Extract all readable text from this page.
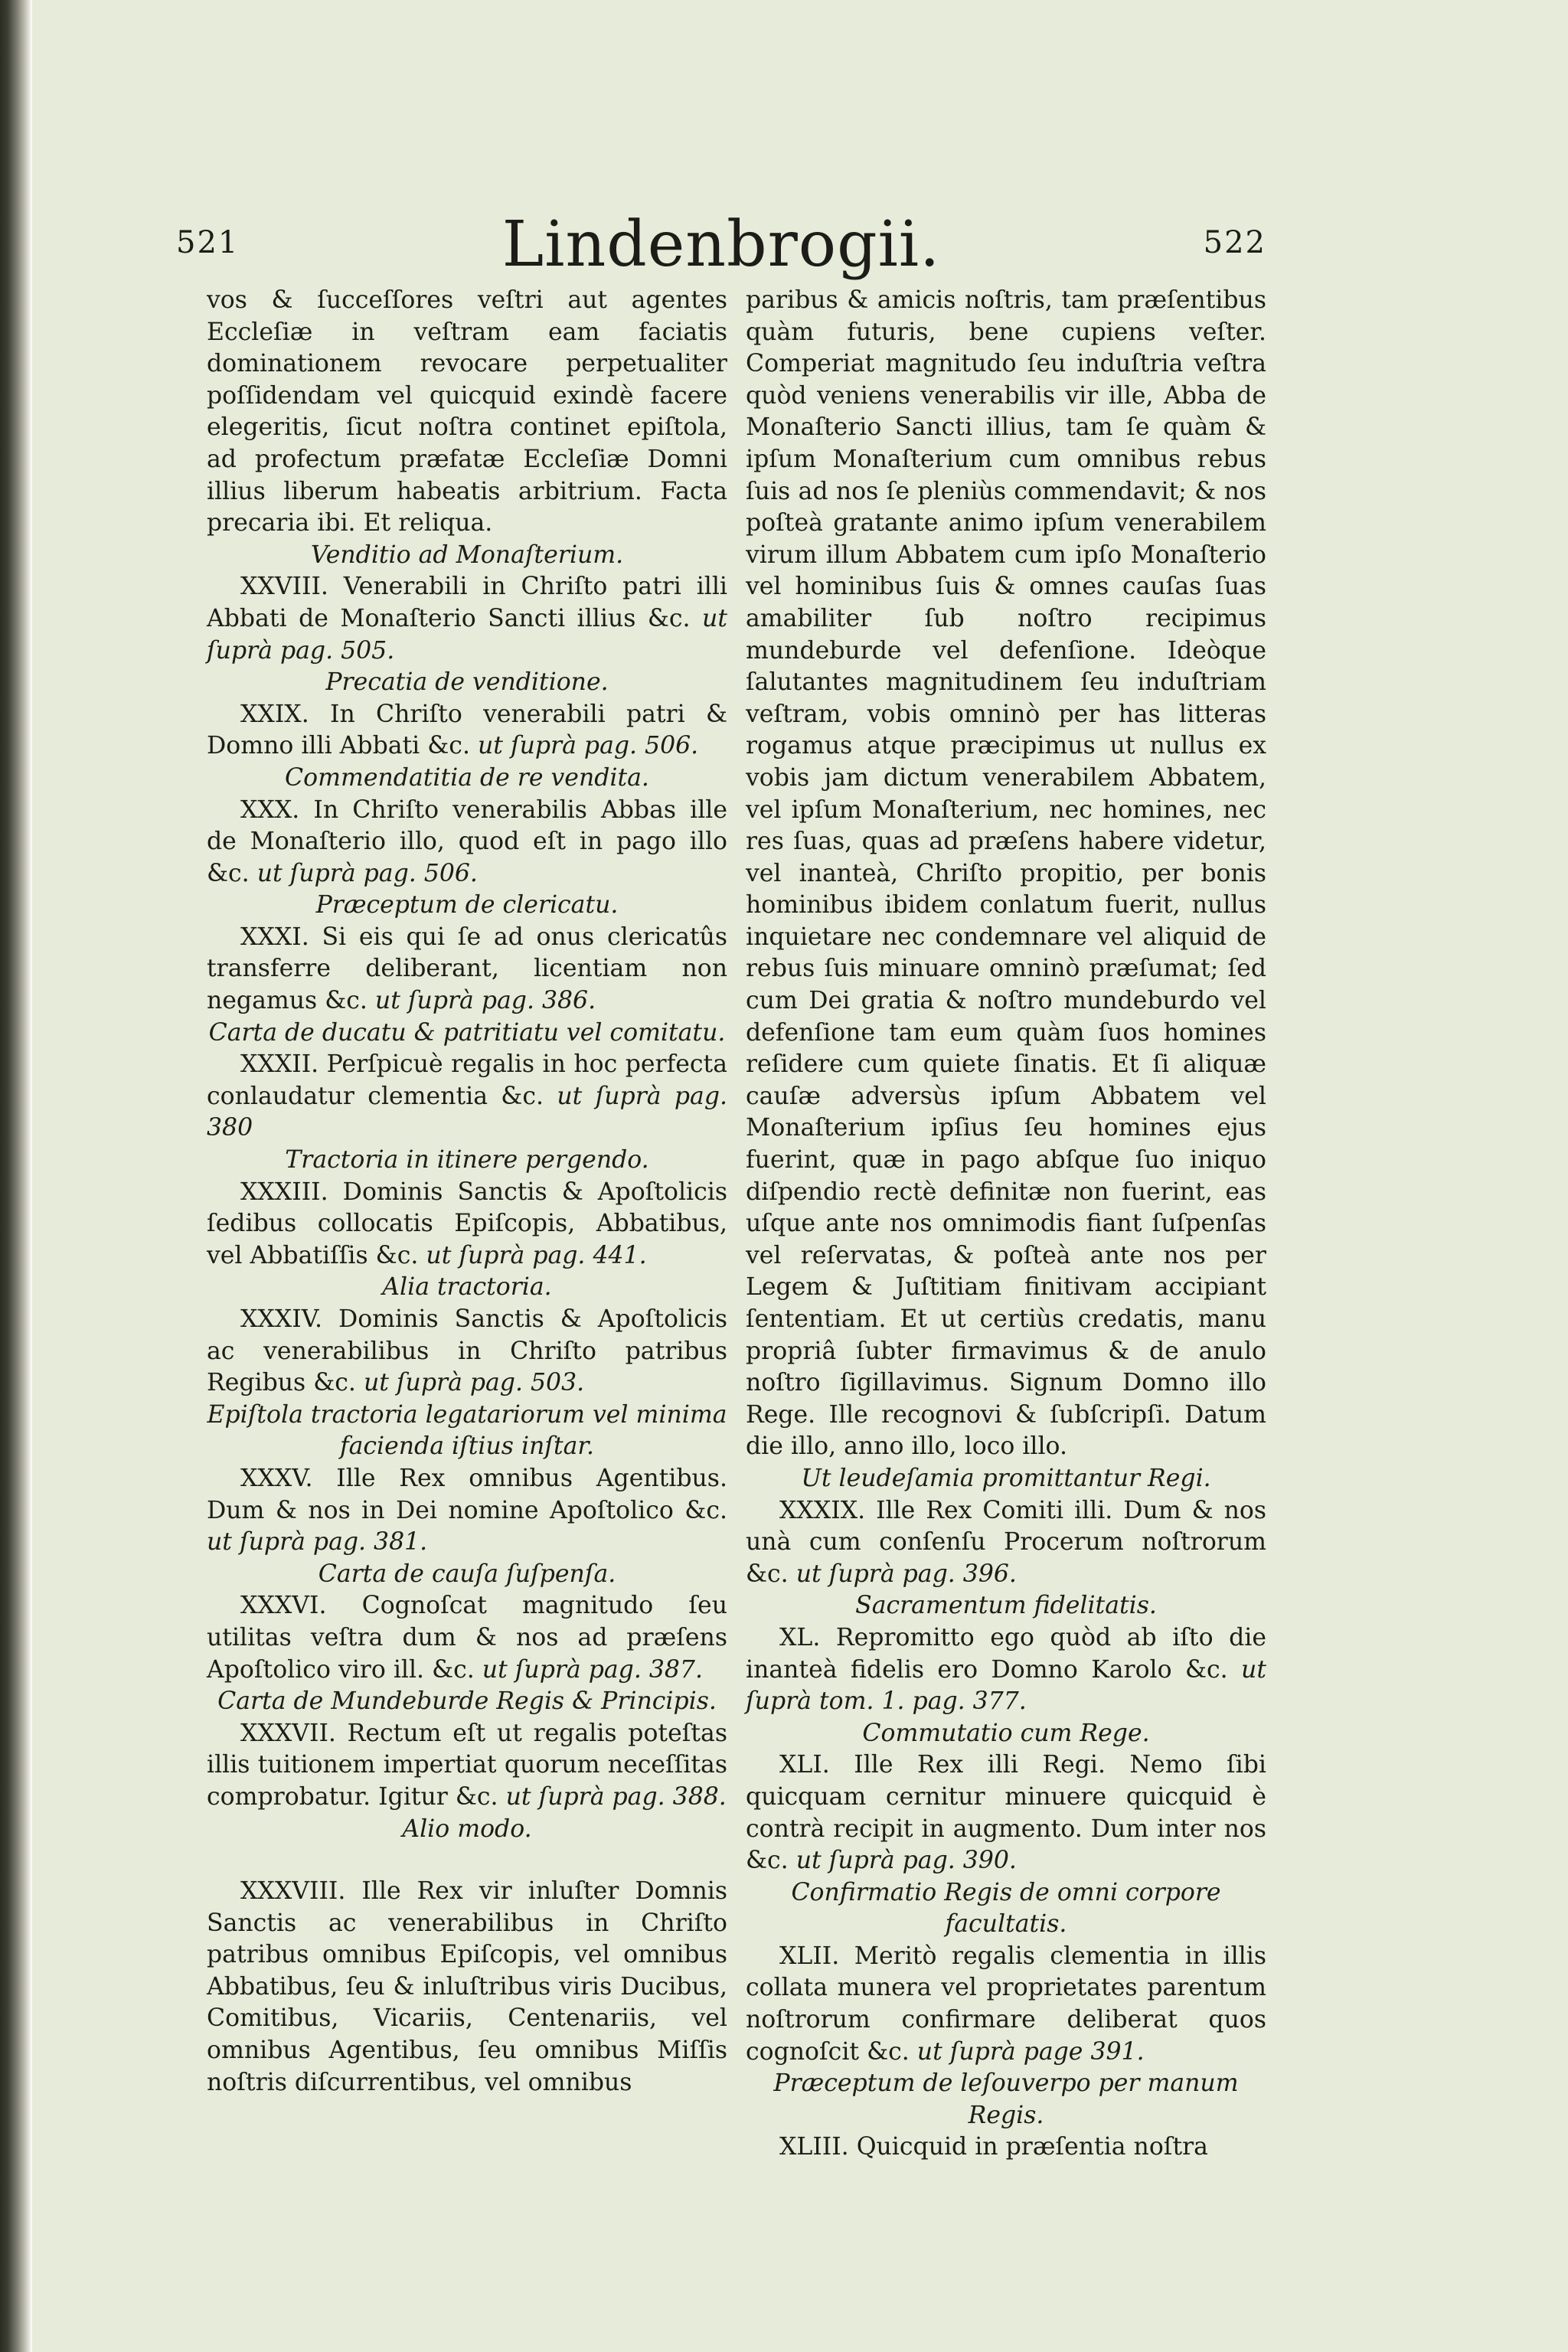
521	Lindenbrogii.	522

vos & ſucceſſores veſtri aut agentes Eccleſiæ in veſtram eam faciatis dominationem revocare perpetualiter poſſidendam vel quicquid exindè facere elegeritis, ſicut noſtra continet epiſtola, ad profectum præfatæ Eccleſiæ Domni illius liberum habeatis arbitrium. Facta precaria ibi. Et reliqua.

Venditio ad Monaſterium.

XXVIII. Venerabili in Chriſto patri illi Abbati de Monaſterio Sancti illius &c. ut ſuprà pag. 505.

Precatia de venditione.

XXIX. In Chriſto venerabili patri & Domno illi Abbati &c. ut ſuprà pag. 506.

Commendatitia de re vendita.

XXX. In Chriſto venerabilis Abbas ille de Monaſterio illo, quod eſt in pago illo &c. ut ſuprà pag. 506.

Præceptum de clericatu.

XXXI. Si eis qui ſe ad onus clericatûs transferre deliberant, licentiam non negamus &c. ut ſuprà pag. 386.

Carta de ducatu & patritiatu vel comitatu.

XXXII. Perſpicuè regalis in hoc perfecta conlaudatur clementia &c. ut ſuprà pag. 380

Tractoria in itinere pergendo.

XXXIII. Dominis Sanctis & Apoſtolicis ſedibus collocatis Epiſcopis, Abbatibus, vel Abbatiſſis &c. ut ſuprà pag. 441.

Alia tractoria.

XXXIV. Dominis Sanctis & Apoſtolicis ac venerabilibus in Chriſto patribus Regibus &c. ut ſuprà pag. 503.

Epiſtola tractoria legatariorum vel minima facienda iſtius inſtar.

XXXV. Ille Rex omnibus Agentibus. Dum & nos in Dei nomine Apoſtolico &c. ut ſuprà pag. 381.

Carta de cauſa ſuſpenſa.

XXXVI. Cognoſcat magnitudo ſeu utilitas veſtra dum & nos ad præſens Apoſtolico viro ill. &c. ut ſuprà pag. 387.

Carta de Mundeburde Regis & Principis.

XXXVII. Rectum eſt ut regalis poteſtas illis tuitionem impertiat quorum neceſſitas comprobatur. Igitur &c. ut ſuprà pag. 388.

Alio modo.

XXXVIII. Ille Rex vir inluſter Domnis Sanctis ac venerabilibus in Chriſto patribus omnibus Epiſcopis, vel omnibus Abbatibus, ſeu & inluſtribus viris Ducibus, Comitibus, Vicariis, Centenariis, vel omnibus Agentibus, ſeu omnibus Miſſis noſtris diſcurrentibus, vel omnibus

paribus & amicis noſtris, tam præſentibus quàm futuris, bene cupiens veſter. Comperiat magnitudo ſeu induſtria veſtra quòd veniens venerabilis vir ille, Abba de Monaſterio Sancti illius, tam ſe quàm & ipſum Monaſterium cum omnibus rebus ſuis ad nos ſe pleniùs commendavit; & nos poſteà gratante animo ipſum venerabilem virum illum Abbatem cum ipſo Monaſterio vel hominibus ſuis & omnes cauſas ſuas amabiliter ſub noſtro recipimus mundeburde vel defenſione. Ideòque ſalutantes magnitudinem ſeu induſtriam veſtram, vobis omninò per has litteras rogamus atque præcipimus ut nullus ex vobis jam dictum venerabilem Abbatem, vel ipſum Monaſterium, nec homines, nec res ſuas, quas ad præſens habere videtur, vel inanteà, Chriſto propitio, per bonis hominibus ibidem conlatum fuerit, nullus inquietare nec condemnare vel aliquid de rebus ſuis minuare omninò præſumat; ſed cum Dei gratia & noſtro mundeburdo vel defenſione tam eum quàm ſuos homines reſidere cum quiete ſinatis. Et ſi aliquæ cauſæ adversùs ipſum Abbatem vel Monaſterium ipſius ſeu homines ejus fuerint, quæ in pago abſque ſuo iniquo diſpendio rectè definitæ non fuerint, eas uſque ante nos omnimodis fiant ſuſpenſas vel reſervatas, & poſteà ante nos per Legem & Juſtitiam finitivam accipiant ſententiam. Et ut certiùs credatis, manu propriâ ſubter firmavimus & de anulo noſtro ſigillavimus. Signum Domno illo Rege. Ille recognovi & ſubſcripſi. Datum die illo, anno illo, loco illo.

Ut leudeſamia promittantur Regi.

XXXIX. Ille Rex Comiti illi. Dum & nos unà cum conſenſu Procerum noſtrorum &c. ut ſuprà pag. 396.

Sacramentum fidelitatis.

XL. Repromitto ego quòd ab iſto die inanteà fidelis ero Domno Karolo &c. ut ſuprà tom. 1. pag. 377.

Commutatio cum Rege.

XLI. Ille Rex illi Regi. Nemo ſibi quicquam cernitur minuere quicquid è contrà recipit in augmento. Dum inter nos &c. ut ſuprà pag. 390.

Confirmatio Regis de omni corpore facultatis.

XLII. Meritò regalis clementia in illis collata munera vel proprietates parentum noſtrorum confirmare deliberat quos cognoſcit &c. ut ſuprà page 391.

Præceptum de leſouverpo per manum Regis.

XLIII. Quicquid in præſentia noſtra
